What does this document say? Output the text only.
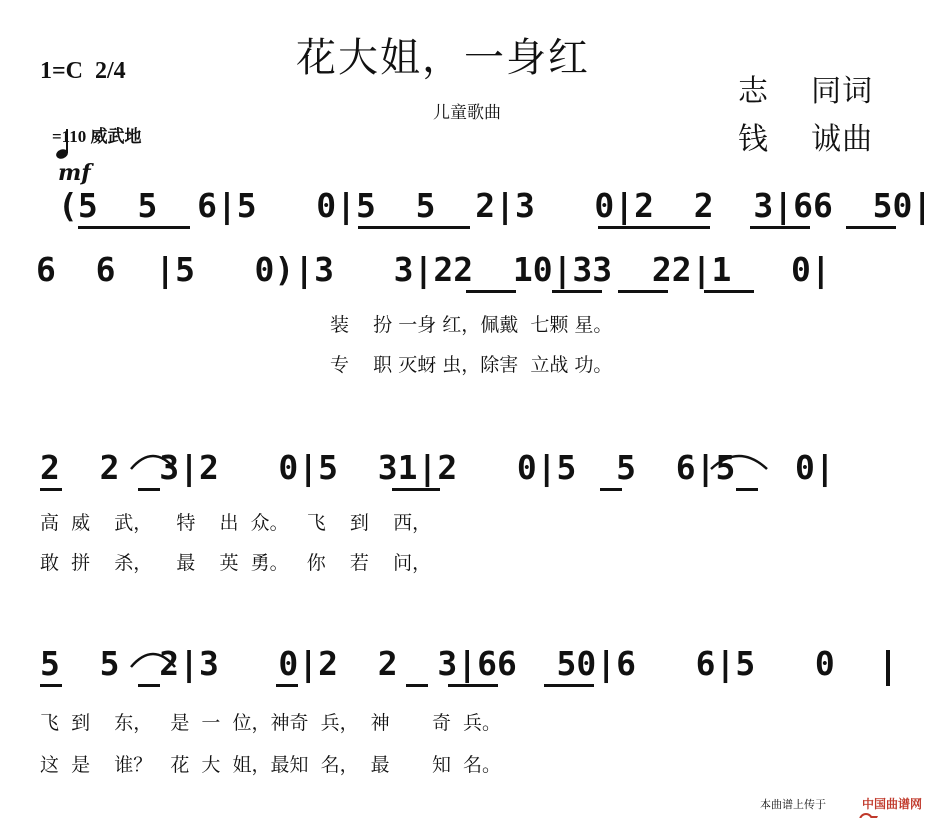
1=C  2/4

=110 威武地
花大姐，一身红
儿童歌曲
志    同词
钱    诚曲
mf
(5  5  6|5   0|5  5  2|3   0|2  2  3|66  50|
6  6  |5   0)|3   3|22  10|33  22|1   0|
装    扮 一身 红，佩戴  七颗 星。
专    职 灭蚜 虫，除害  立战 功。

2  2  3|2   0|5  31|2   0|5  5  6|5   0|
高  威    武，    特    出  众。   飞    到    西，
敢  拼    杀，    最    英  勇。   你    若    问，

5  5  2|3   0|2  2  3|66  50|6   6|5   0
飞  到    东，   是  一  位，神奇  兵，  神       奇  兵。
这  是    谁？   花  大  姐，最知  名，  最       知  名。
本曲谱上传于

	中国曲谱网
